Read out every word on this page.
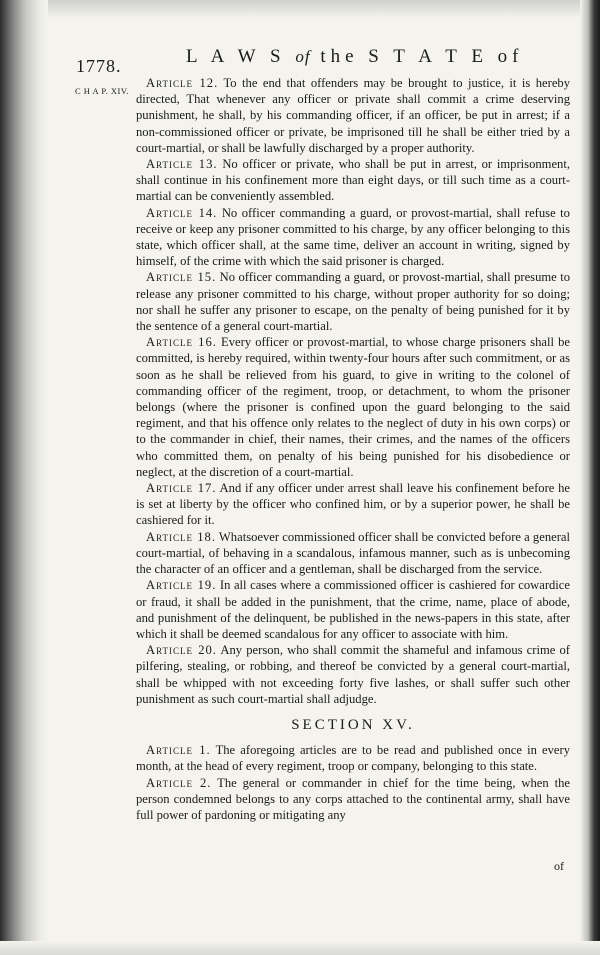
1778.	L A W S of the S T A T E of
C H A P. XIV.

Article 12. To the end that offenders may be brought to justice, it is hereby directed, That whenever any officer or private shall commit a crime deserving punishment, he shall, by his commanding officer, if an officer, be put in arrest; if a non-commissioned officer or private, be imprisoned till he shall be either tried by a court-martial, or shall be lawfully discharged by a proper authority.

Article 13. No officer or private, who shall be put in arrest, or imprisonment, shall continue in his confinement more than eight days, or till such time as a court-martial can be conveniently assembled.

Article 14. No officer commanding a guard, or provost-martial, shall refuse to receive or keep any prisoner committed to his charge, by any officer belonging to this state, which officer shall, at the same time, deliver an account in writing, signed by himself, of the crime with which the said prisoner is charged.

Article 15. No officer commanding a guard, or provost-martial, shall presume to release any prisoner committed to his charge, without proper authority for so doing; nor shall he suffer any prisoner to escape, on the penalty of being punished for it by the sentence of a general court-martial.

Article 16. Every officer or provost-martial, to whose charge prisoners shall be committed, is hereby required, within twenty-four hours after such commitment, or as soon as he shall be relieved from his guard, to give in writing to the colonel of commanding officer of the regiment, troop, or detachment, to whom the prisoner belongs (where the prisoner is confined upon the guard belonging to the said regiment, and that his offence only relates to the neglect of duty in his own corps) or to the commander in chief, their names, their crimes, and the names of the officers who committed them, on penalty of his being punished for his disobedience or neglect, at the discretion of a court-martial.

Article 17. And if any officer under arrest shall leave his confinement before he is set at liberty by the officer who confined him, or by a superior power, he shall be cashiered for it.

Article 18. Whatsoever commissioned officer shall be convicted before a general court-martial, of behaving in a scandalous, infamous manner, such as is unbecoming the character of an officer and a gentleman, shall be discharged from the service.

Article 19. In all cases where a commissioned officer is cashiered for cowardice or fraud, it shall be added in the punishment, that the crime, name, place of abode, and punishment of the delinquent, be published in the news-papers in this state, after which it shall be deemed scandalous for any officer to associate with him.

Article 20. Any person, who shall commit the shameful and infamous crime of pilfering, stealing, or robbing, and thereof be convicted by a general court-martial, shall be whipped with not exceeding forty five lashes, or shall suffer such other punishment as such court-martial shall adjudge.

SECTION XV.

Article 1. The aforegoing articles are to be read and published once in every month, at the head of every regiment, troop or company, belonging to this state.

Article 2. The general or commander in chief for the time being, when the person condemned belongs to any corps attached to the continental army, shall have full power of pardoning or mitigating any

of
